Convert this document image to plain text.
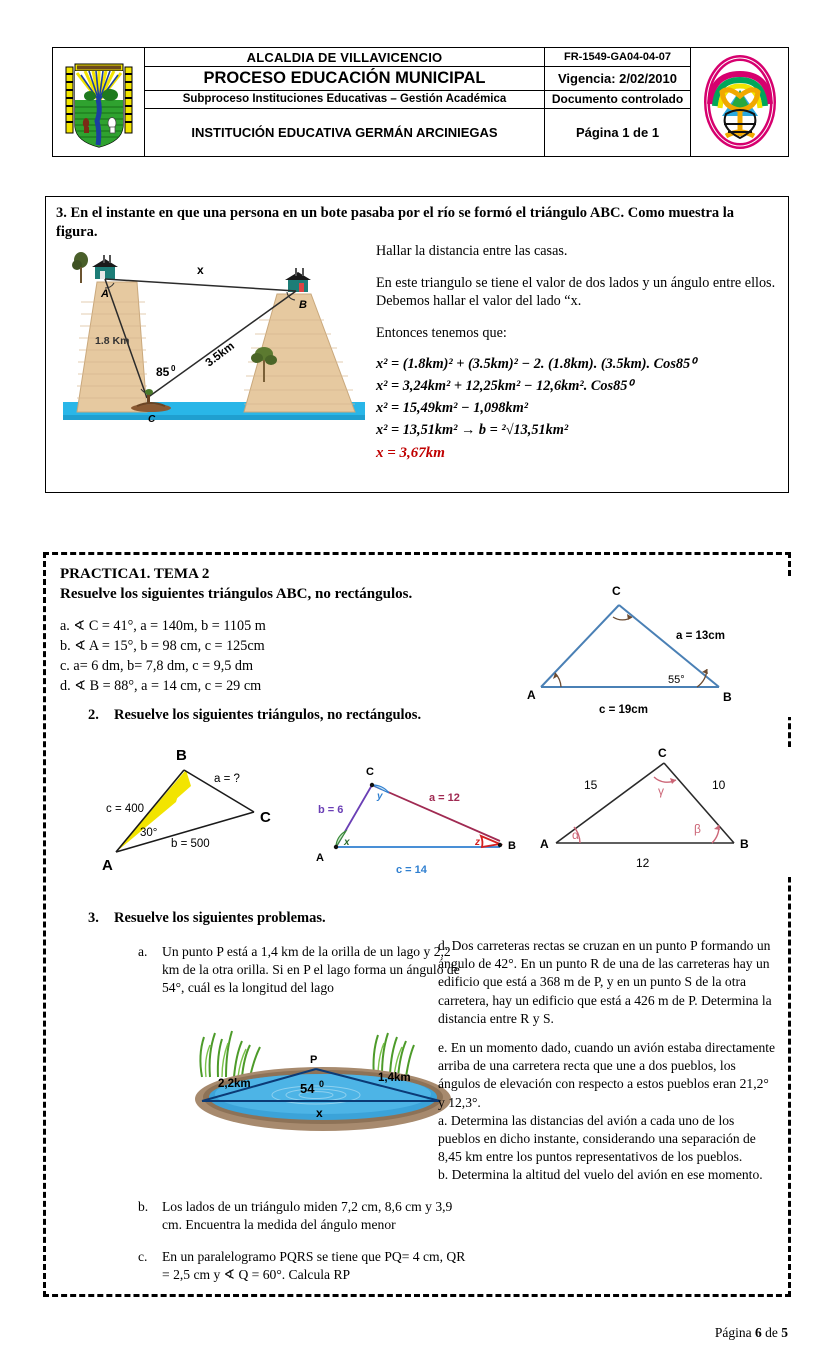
	ALCALDIA DE VILLAVICENCIO	FR-1549-GA04-04-07	

	PROCESO EDUCACIÓN MUNICIPAL	Vigencia: 2/02/2010	
	Subproceso Instituciones Educativas – Gestión Académica	Documento controlado	
	INSTITUCIÓN EDUCATIVA GERMÁN ARCINIEGAS	Página 1 de 1	
3. En el instante en que una persona en un bote pasaba por el río se formó el triángulo ABC. Como muestra la figura.
A
B
C
x
1.8 Km	3.5km
85 0

Hallar la distancia entre las casas.

En este triangulo se tiene el valor de dos lados y un ángulo entre ellos. Debemos hallar el valor del lado “x.

Entonces tenemos que:

x² = (1.8km)² + (3.5km)² − 2. (1.8km). (3.5km). Cos85⁰
x² = 3,24km² + 12,25km² − 12,6km². Cos85⁰
x² = 15,49km² − 1,098km²
x² = 13,51km² → b = ²√13,51km²
x = 3,67km
PRACTICA1. TEMA 2
Resuelve los siguientes triángulos ABC, no rectángulos.
a. ∢ C = 41°, a = 140m, b = 1105 m
b. ∢ A = 15°, b = 98 cm, c = 125cm
c. a= 6 dm, b= 7,8 dm, c = 9,5 dm
d. ∢ B = 88°, a = 14 cm, c = 29 cm
C
A	B
a = 13cm
c = 19cm
55°
2. Resuelve los siguientes triángulos, no rectángulos.
B
C
A
a = ?
b = 500
c = 400
30°
C
A
B
a = 12
b = 6
c = 14
x
y
z
C
A	B
15	10
12
α
γ
β
3. Resuelve los siguientes problemas.
a.	Un punto P está a 1,4 km de la orilla de un lago y 2,2 km de la otra orilla. Si en P el lago forma un ángulo de 54°, cuál es la longitud del lago
P
2,2km	1,4km
54 0
x
b.	Los lados de un triángulo miden 7,2 cm, 8,6 cm y 3,9 cm. Encuentra la medida del ángulo menor
c.	En un paralelogramo PQRS se tiene que PQ= 4 cm, QR = 2,5 cm y ∢ Q = 60°. Calcula RP

d. Dos carreteras rectas se cruzan en un punto P formando un ángulo de 42°. En un punto R de una de las carreteras hay un edificio que está a 368 m de P, y en un punto S de la otra carretera, hay un edificio que está a 426 m de P. Determina la distancia entre R y S.

e. En un momento dado, cuando un avión estaba directamente arriba de una carretera recta que une a dos pueblos, los ángulos de elevación con respecto a estos pueblos eran 21,2° y 12,3°.

a. Determina las distancias del avión a cada uno de los pueblos en dicho instante, considerando una separación de 8,45 km entre los puntos representativos de los pueblos.

b. Determina la altitud del vuelo del avión en ese momento.

Página 6 de 5
